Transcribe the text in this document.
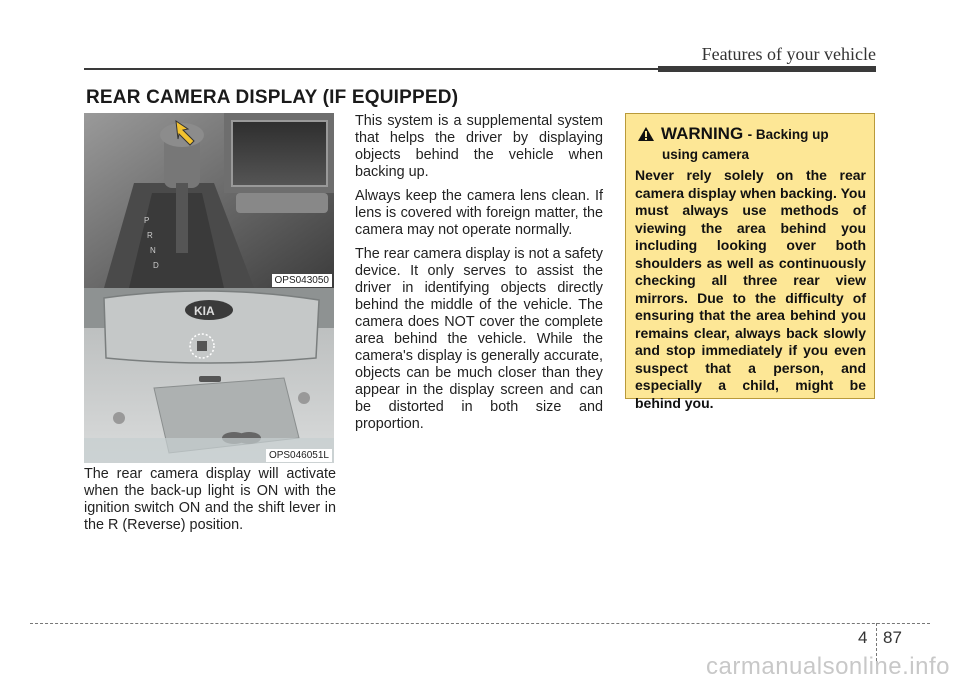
Features of your vehicle
REAR CAMERA DISPLAY (IF EQUIPPED)
P
R
N
D
OPS043050
KIA
OPS046051L
The rear camera display will activate when the back-up light is ON with the ignition switch ON and the shift lever in the R (Reverse) position.

This system is a supplemental system that helps the driver by displaying objects behind the vehicle when backing up.

Always keep the camera lens clean. If lens is covered with foreign matter, the camera may not operate normally.

The rear camera display is not a safety device. It only serves to assist the driver in identifying objects directly behind the middle of the vehicle. The camera does NOT cover the complete area behind the vehicle. While the camera's display is generally accurate, objects can be much closer than they appear in the display screen and can be distorted in both size and proportion.

WARNING - Backing up
using camera
Never rely solely on the rear camera display when backing. You must always use methods of viewing the area behind you including looking over both shoulders as well as continuously checking all three rear view mirrors. Due to the difficulty of ensuring that the area behind you remains clear, always back slowly and stop immediately if you even suspect that a person, and especially a child, might be behind you.
4 87
carmanualsonline.info
